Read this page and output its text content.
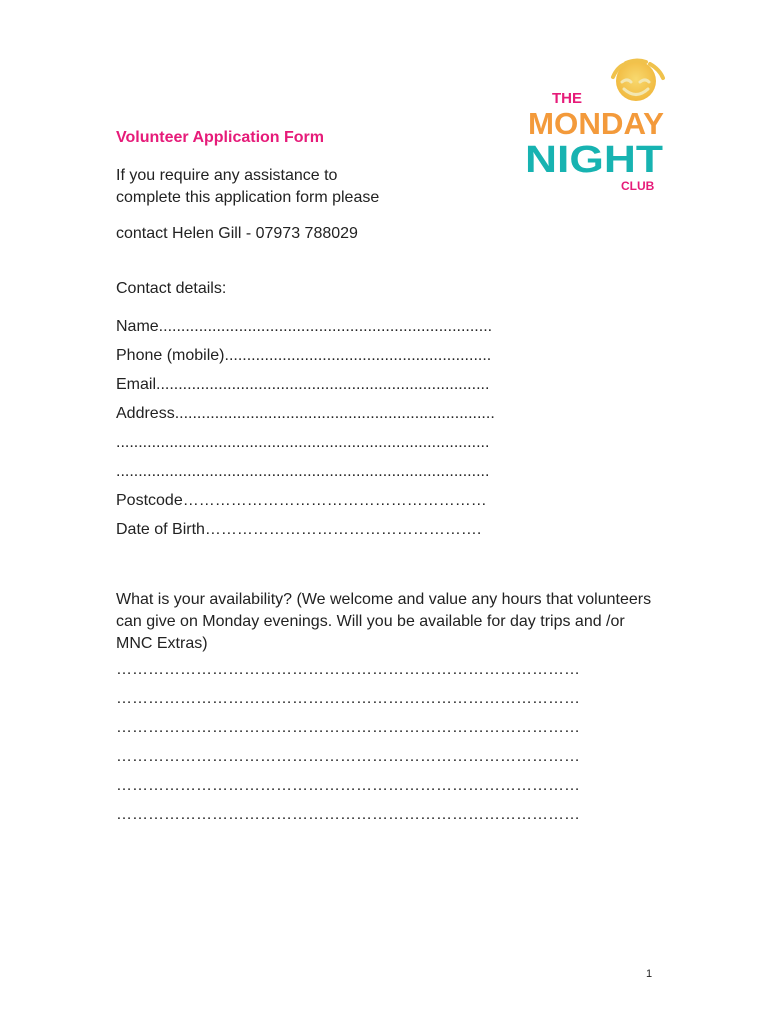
THE
MONDAY
NIGHT
CLUB
Volunteer Application Form
If you require any assistance to
complete this application form please
contact Helen Gill - 07973 788029
Contact details:
Name...........................................................................
Phone (mobile)............................................................
Email...........................................................................
Address........................................................................
....................................................................................
....................................................................................
Postcode…………………………………………………
Date of Birth…………………………………………….
What is your availability? (We welcome and value any hours that volunteers can give on Monday evenings. Will you be available for day trips and /or MNC Extras)
……………………………………………………………………………
……………………………………………………………………………
……………………………………………………………………………
……………………………………………………………………………
……………………………………………………………………………
……………………………………………………………………………
1
